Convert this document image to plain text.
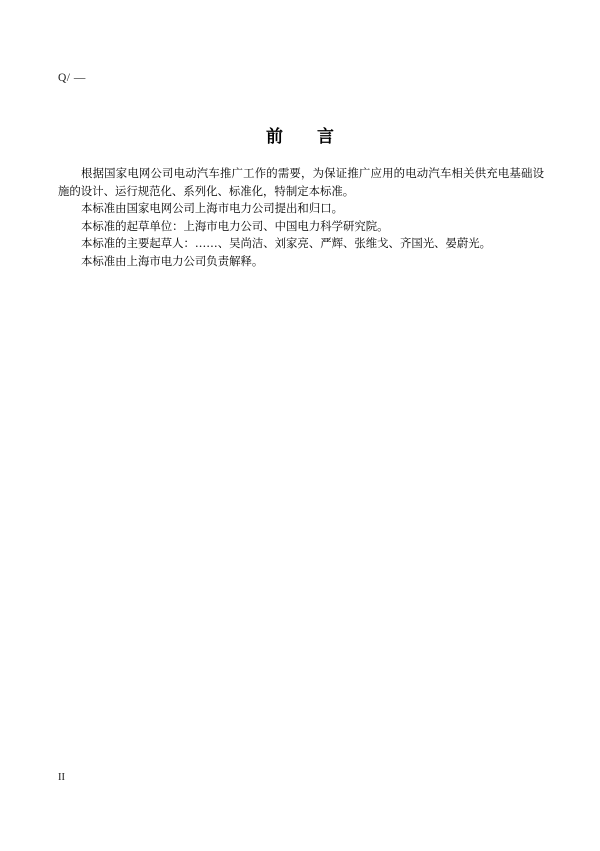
Q/ —
前 言

根据国家电网公司电动汽车推广工作的需要，为保证推广应用的电动汽车相关供充电基础设施的设计、运行规范化、系列化、标准化，特制定本标准。

本标准由国家电网公司上海市电力公司提出和归口。

本标准的起草单位：上海市电力公司、中国电力科学研究院。

本标准的主要起草人：……、吴尚洁、刘家亮、严辉、张维戈、齐国光、晏蔚光。

本标准由上海市电力公司负责解释。

II
